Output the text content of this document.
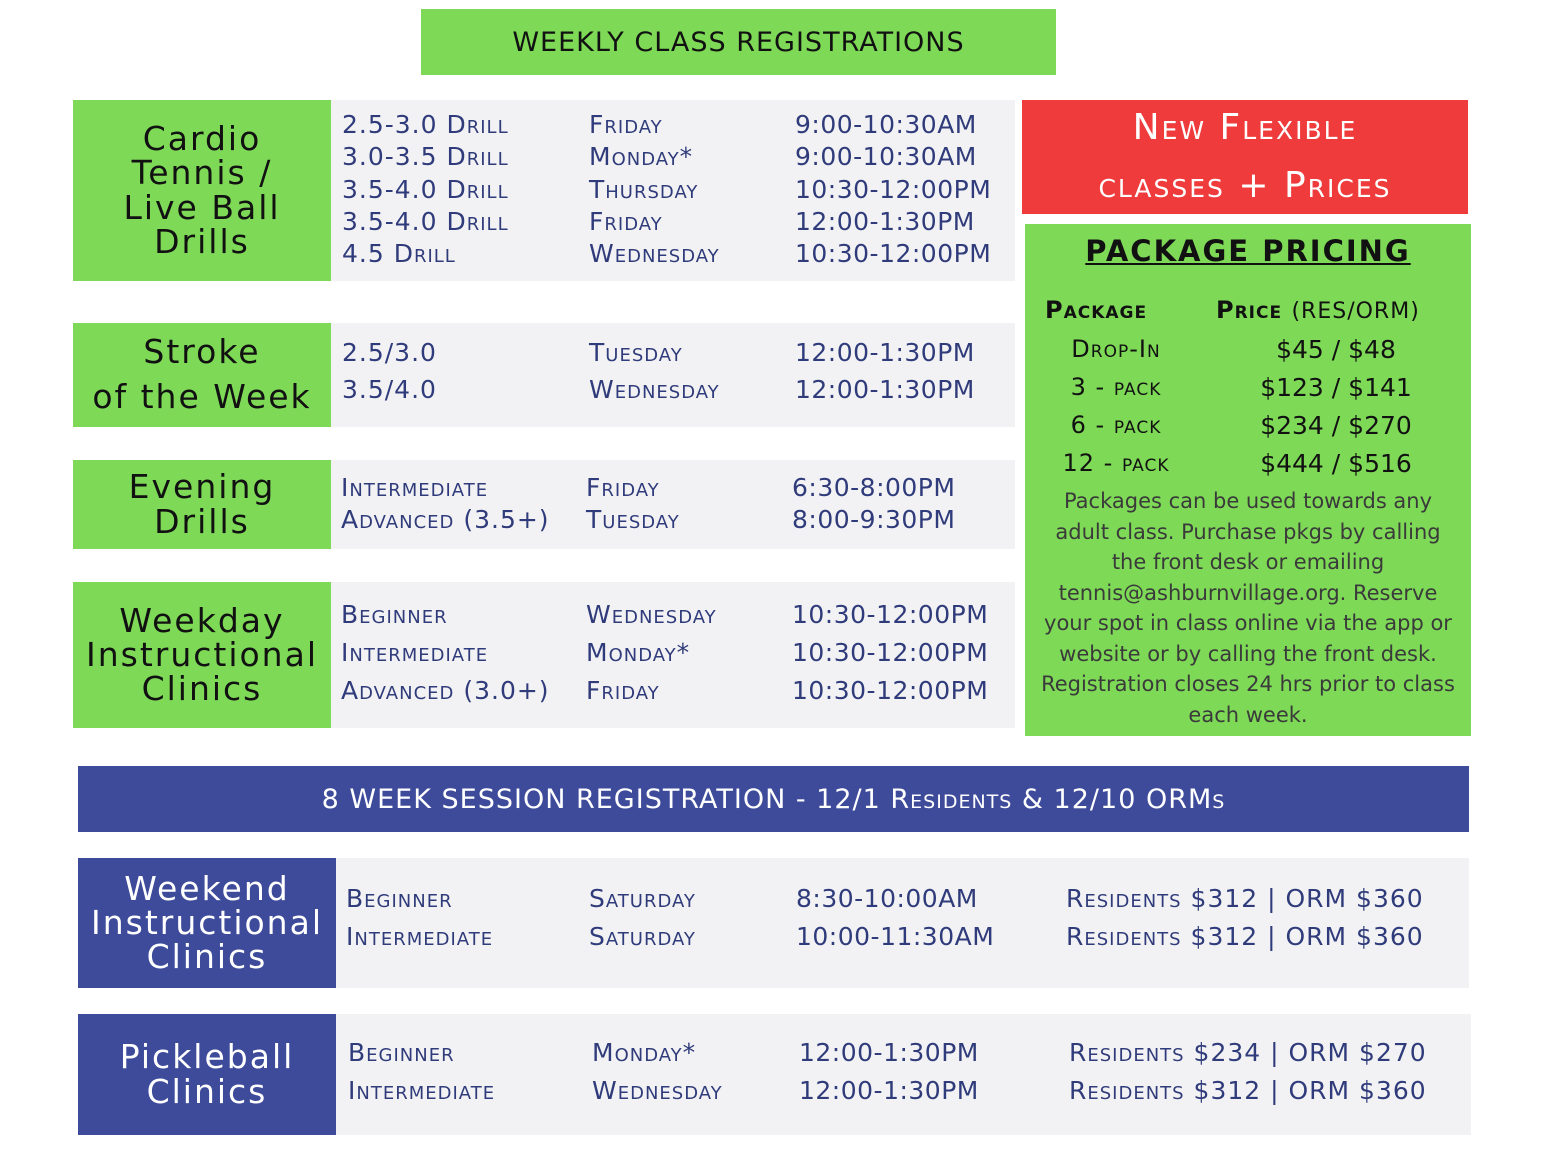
WEEKLY CLASS REGISTRATIONS
Cardio
Tennis /
Live Ball
Drills
2.5-3.0 Drill	Friday	9:00-10:30AM
3.0-3.5 Drill	Monday*	9:00-10:30AM
3.5-4.0 Drill	Thursday	10:30-12:00PM
3.5-4.0 Drill	Friday	12:00-1:30PM
4.5 Drill	Wednesday	10:30-12:00PM
Stroke
of the Week
2.5/3.0	Tuesday	12:00-1:30PM
3.5/4.0	Wednesday	12:00-1:30PM
Evening
Drills
Intermediate	Friday	6:30-8:00PM
Advanced (3.5+) Tuesday	8:00-9:30PM
Weekday
Instructional
Clinics
Beginner	Wednesday	10:30-12:00PM
Intermediate	Monday*	10:30-12:00PM
Advanced (3.0+) Friday	10:30-12:00PM
New Flexible
classes + Prices
PACKAGE PRICING
Package	Price (RES/ORM)
Drop-In	$45 / $48
3 - pack	$123 / $141
6 - pack	$234 / $270
12 - pack	$444 / $516
Packages can be used towards any adult class. Purchase pkgs by calling the front desk or emailing tennis@ashburnvillage.org. Reserve your spot in class online via the app or website or by calling the front desk. Registration closes 24 hrs prior to class each week.
8 WEEK SESSION REGISTRATION - 12/1 Residents & 12/10 ORMs
Weekend
Instructional
Clinics
Beginner	Saturday	8:30-10:00AM	Residents $312 | ORM $360
Intermediate	Saturday	10:00-11:30AM	Residents $312 | ORM $360
Pickleball
Clinics
Beginner	Monday*	12:00-1:30PM	Residents $234 | ORM $270
Intermediate	Wednesday	12:00-1:30PM	Residents $312 | ORM $360
